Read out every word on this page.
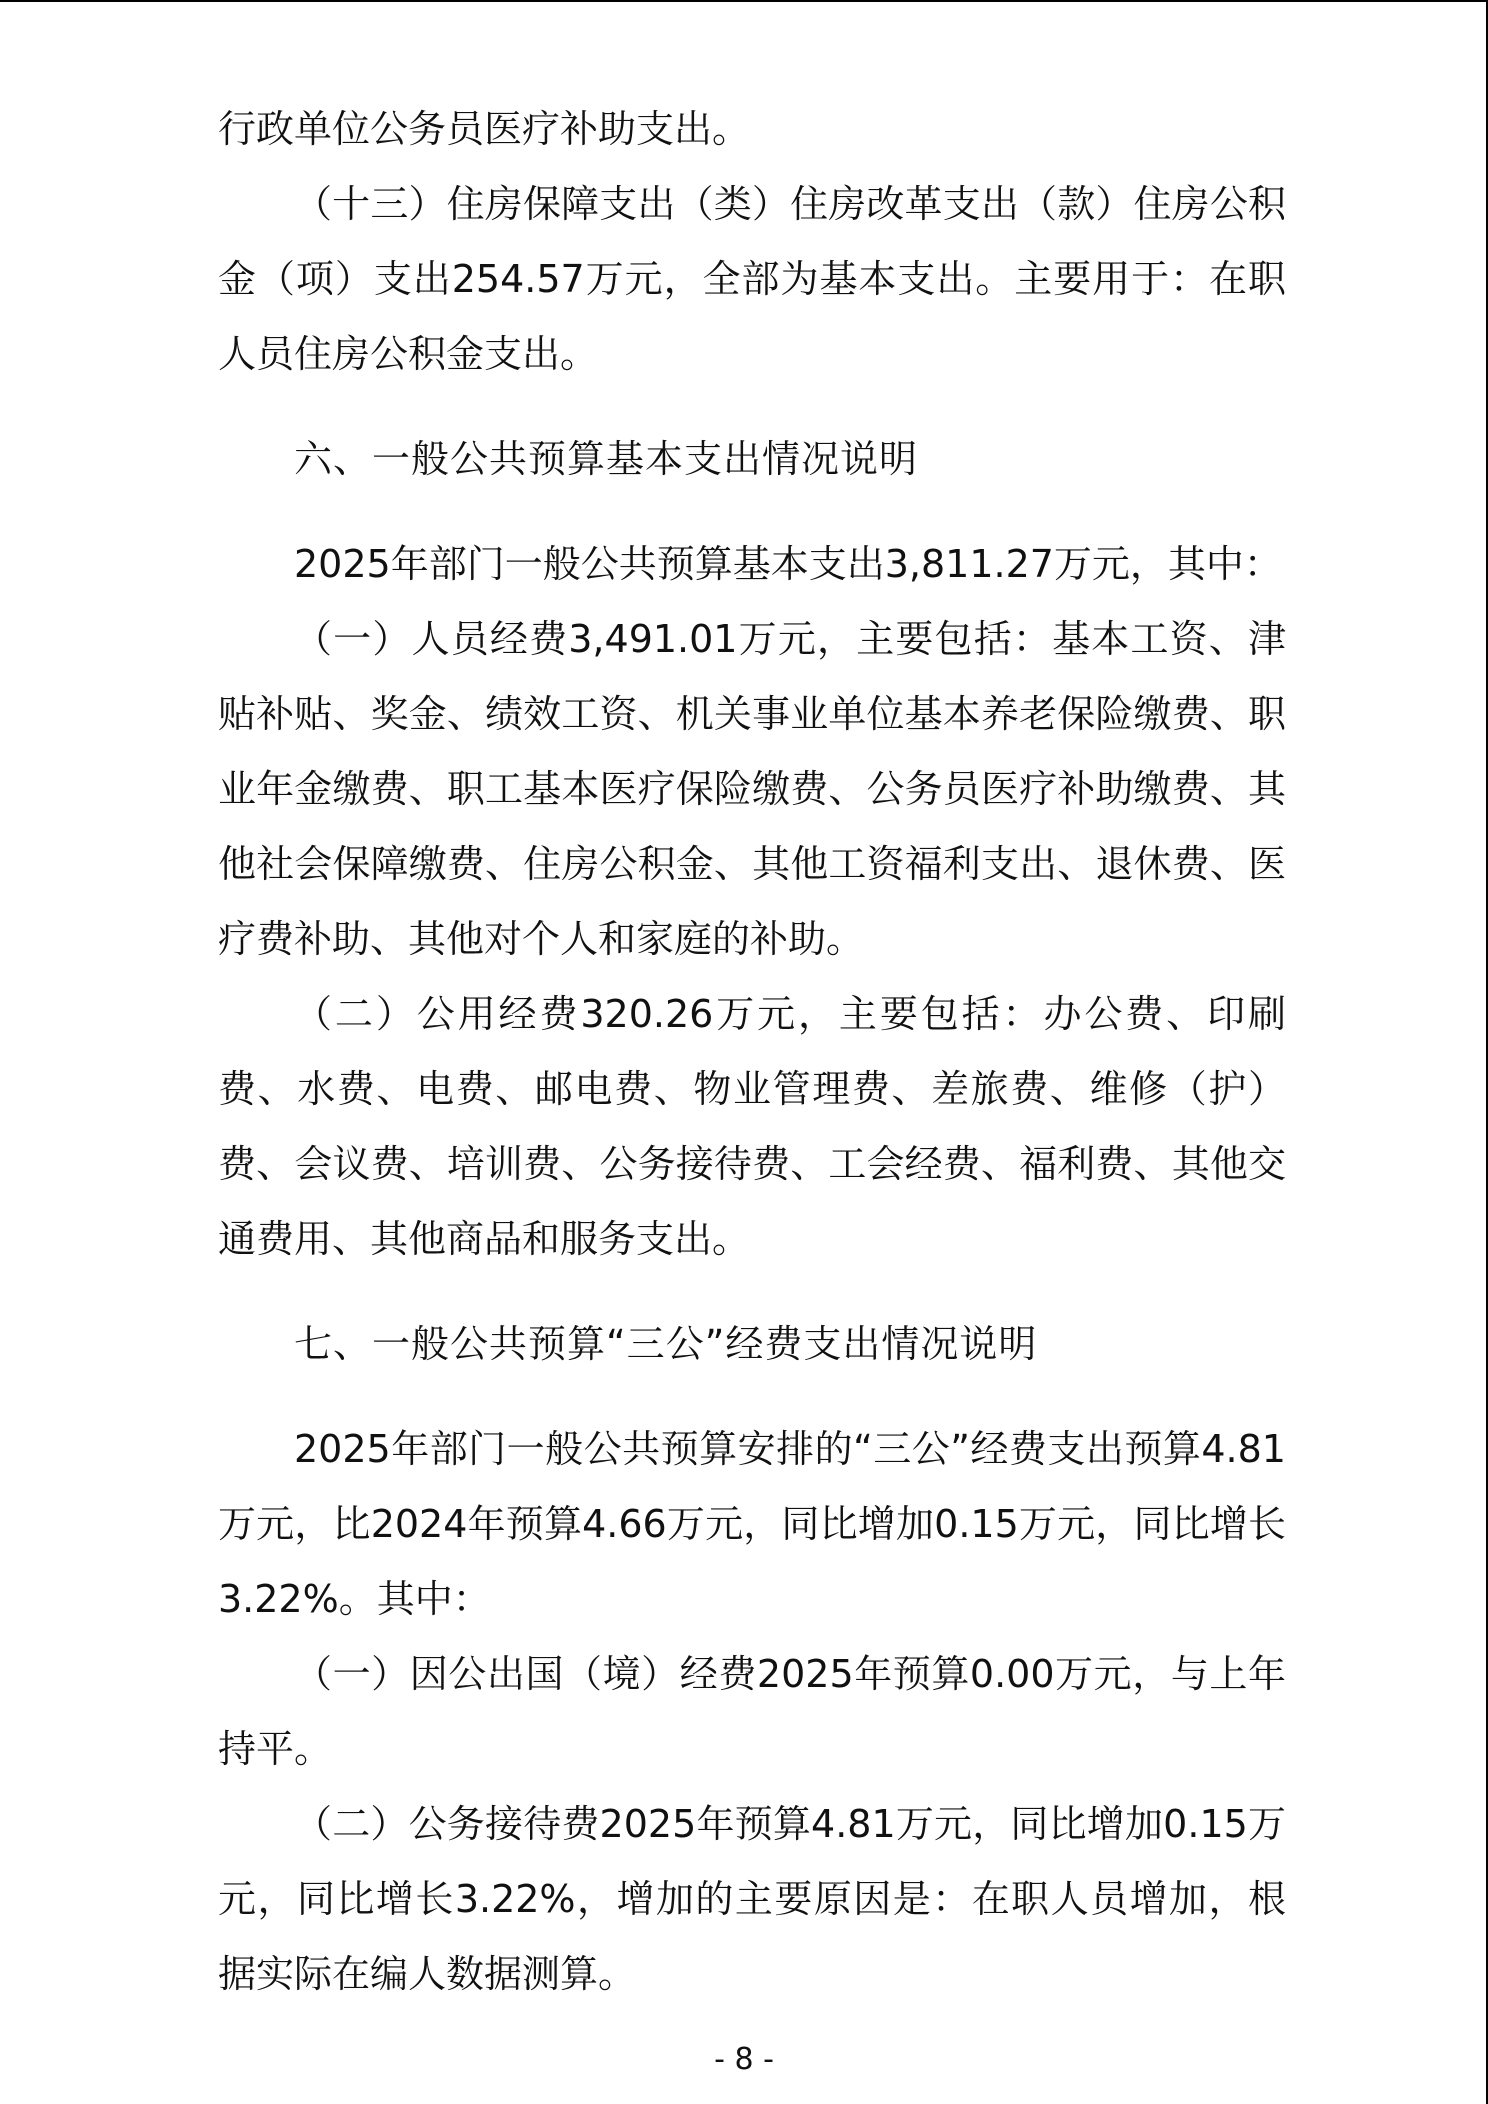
行政单位公务员医疗补助支出。

（十三）住房保障支出（类）住房改革支出（款）住房公积金（项）支出254.57万元，全部为基本支出。主要用于：在职人员住房公积金支出。

六、一般公共预算基本支出情况说明

2025年部门一般公共预算基本支出3,811.27万元，其中：

（一）人员经费3,491.01万元，主要包括：基本工资、津贴补贴、奖金、绩效工资、机关事业单位基本养老保险缴费、职业年金缴费、职工基本医疗保险缴费、公务员医疗补助缴费、其他社会保障缴费、住房公积金、其他工资福利支出、退休费、医疗费补助、其他对个人和家庭的补助。

（二）公用经费320.26万元，主要包括：办公费、印刷费、水费、电费、邮电费、物业管理费、差旅费、维修（护）费、会议费、培训费、公务接待费、工会经费、福利费、其他交通费用、其他商品和服务支出。

七、一般公共预算“三公”经费支出情况说明

2025年部门一般公共预算安排的“三公”经费支出预算4.81万元，比2024年预算4.66万元，同比增加0.15万元，同比增长3.22%。其中：

（一）因公出国（境）经费2025年预算0.00万元，与上年持平。

（二）公务接待费2025年预算4.81万元，同比增加0.15万元，同比增长3.22%，增加的主要原因是：在职人员增加，根据实际在编人数据测算。

- 8 -
